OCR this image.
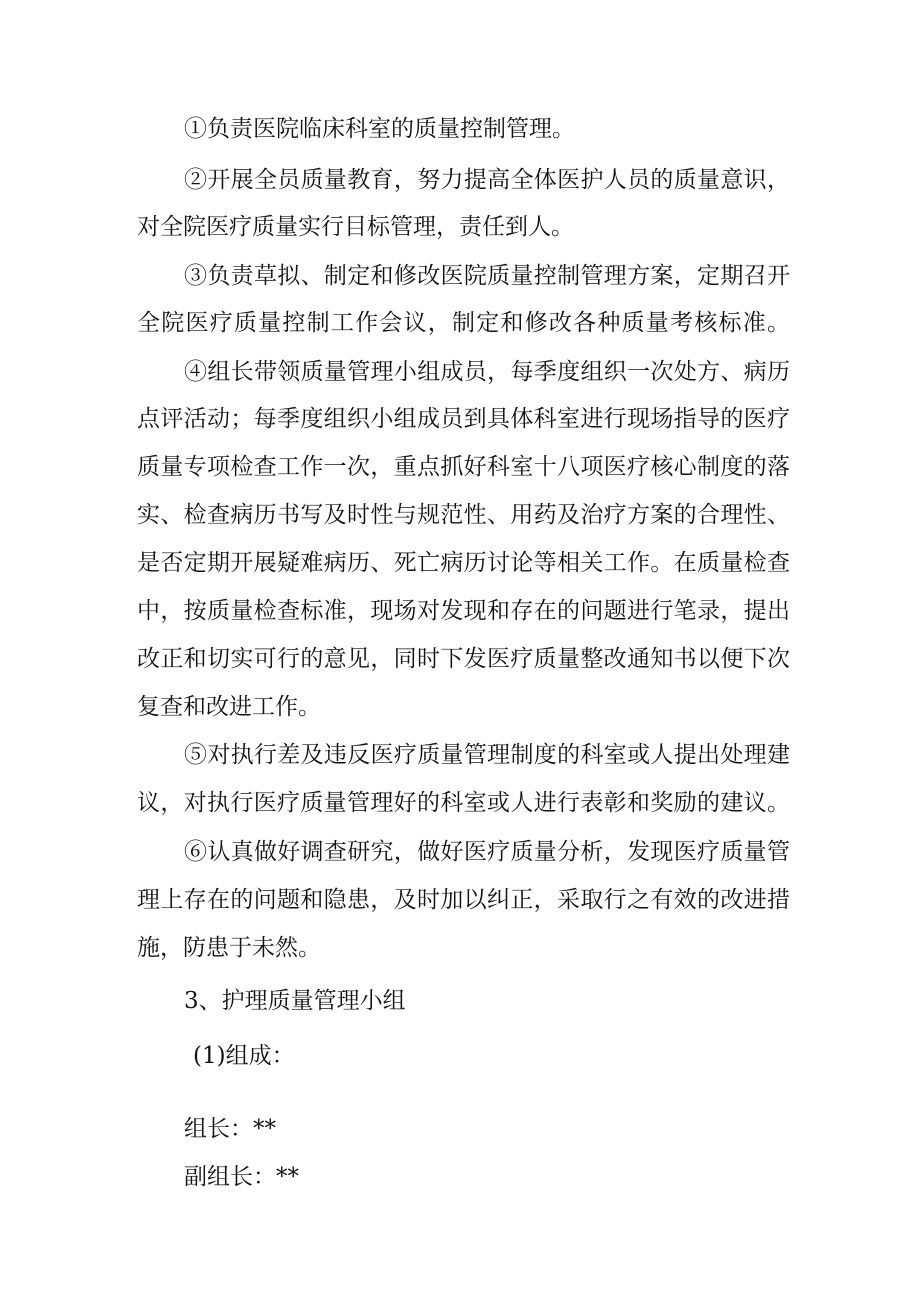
①负责医院临床科室的质量控制管理。
②开展全员质量教育，努力提高全体医护人员的质量意识，
对全院医疗质量实行目标管理，责任到人。
③负责草拟、制定和修改医院质量控制管理方案，定期召开
全院医疗质量控制工作会议，制定和修改各种质量考核标准。
④组长带领质量管理小组成员，每季度组织一次处方、病历
点评活动；每季度组织小组成员到具体科室进行现场指导的医疗
质量专项检查工作一次，重点抓好科室十八项医疗核心制度的落
实、检查病历书写及时性与规范性、用药及治疗方案的合理性、
是否定期开展疑难病历、死亡病历讨论等相关工作。在质量检查
中，按质量检查标准，现场对发现和存在的问题进行笔录，提出
改正和切实可行的意见，同时下发医疗质量整改通知书以便下次
复查和改进工作。
⑤对执行差及违反医疗质量管理制度的科室或人提出处理建
议，对执行医疗质量管理好的科室或人进行表彰和奖励的建议。
⑥认真做好调查研究，做好医疗质量分析，发现医疗质量管
理上存在的问题和隐患，及时加以纠正，采取行之有效的改进措
施，防患于未然。
3、护理质量管理小组
(1)组成：
组长：**
副组长：**
